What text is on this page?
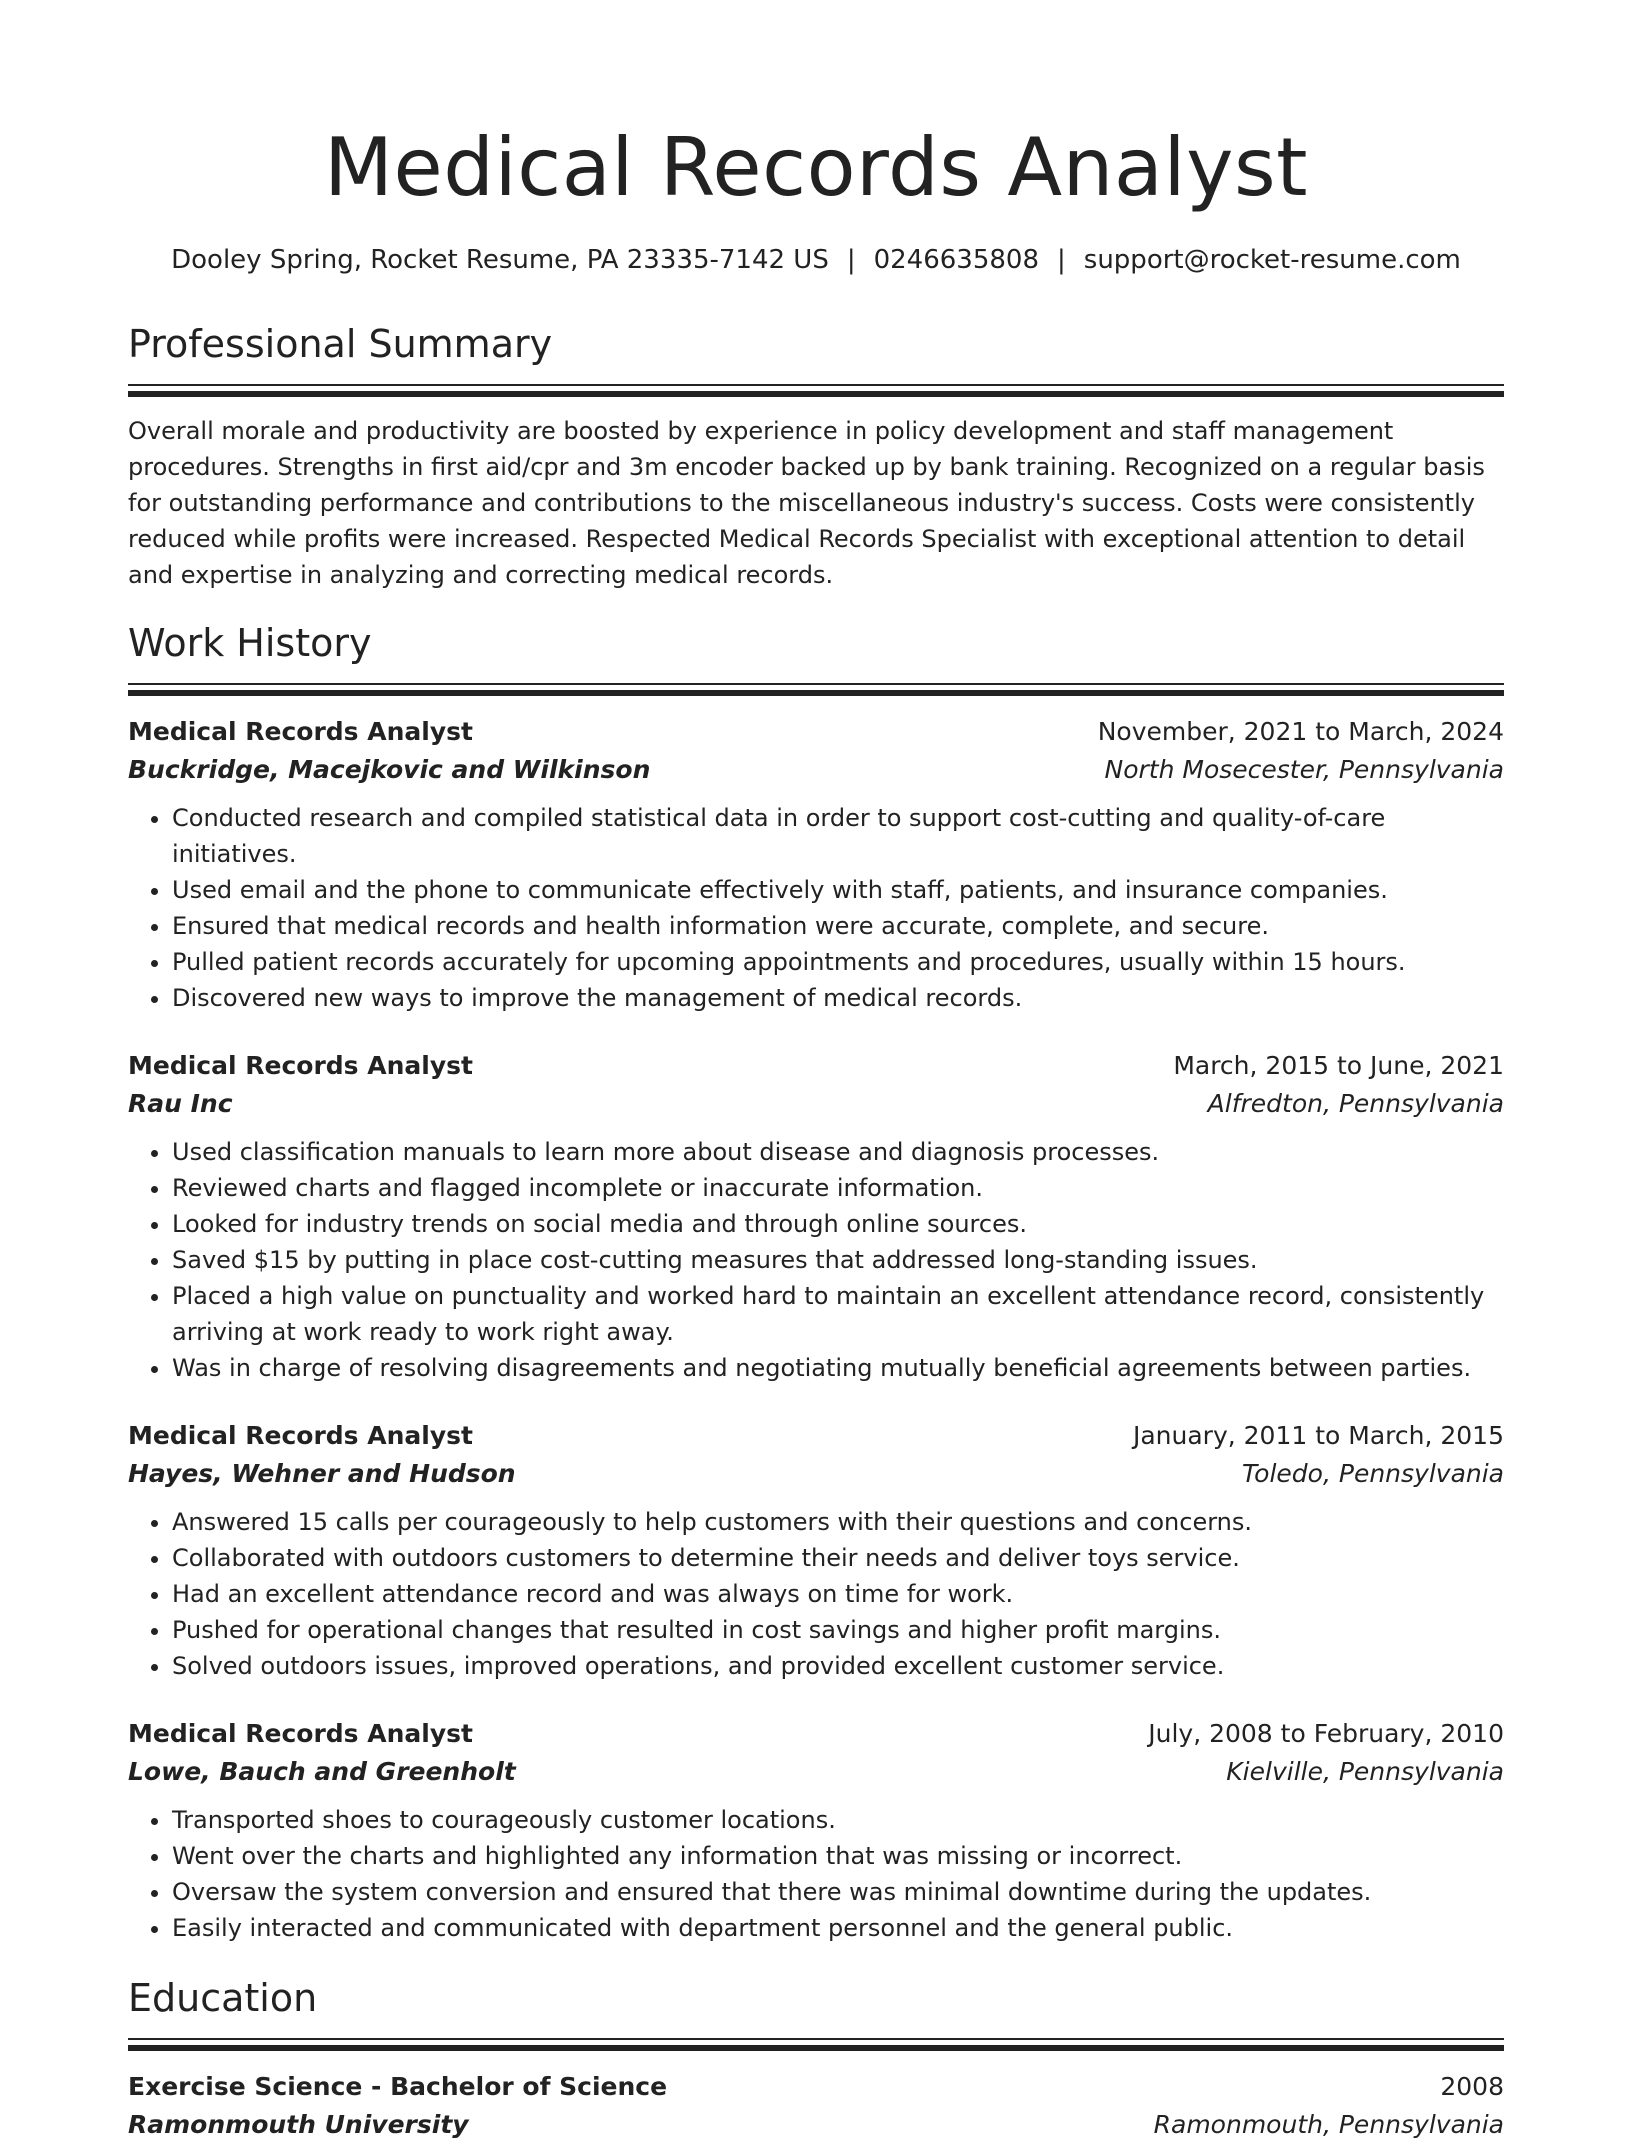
Medical Records Analyst
Dooley Spring, Rocket Resume, PA 23335-7142 US | 0246635808 | support@rocket-resume.com
Professional Summary

Overall morale and productivity are boosted by experience in policy development and staff management procedures. Strengths in first aid/cpr and 3m encoder backed up by bank training. Recognized on a regular basis for outstanding performance and contributions to the miscellaneous industry's success. Costs were consistently reduced while profits were increased. Respected Medical Records Specialist with exceptional attention to detail and expertise in analyzing and correcting medical records.

Work History
Medical Records Analyst	November, 2021 to March, 2024
Buckridge, Macejkovic and Wilkinson	North Mosecester, Pennsylvania
• Conducted research and compiled statistical data in order to support cost-cutting and quality-of-care initiatives.
• Used email and the phone to communicate effectively with staff, patients, and insurance companies.
• Ensured that medical records and health information were accurate, complete, and secure.
• Pulled patient records accurately for upcoming appointments and procedures, usually within 15 hours.
• Discovered new ways to improve the management of medical records.
Medical Records Analyst	March, 2015 to June, 2021
Rau Inc	Alfredton, Pennsylvania
• Used classification manuals to learn more about disease and diagnosis processes.
• Reviewed charts and flagged incomplete or inaccurate information.
• Looked for industry trends on social media and through online sources.
• Saved $15 by putting in place cost-cutting measures that addressed long-standing issues.
• Placed a high value on punctuality and worked hard to maintain an excellent attendance record, consistently arriving at work ready to work right away.
• Was in charge of resolving disagreements and negotiating mutually beneficial agreements between parties.
Medical Records Analyst	January, 2011 to March, 2015
Hayes, Wehner and Hudson	Toledo, Pennsylvania
• Answered 15 calls per courageously to help customers with their questions and concerns.
• Collaborated with outdoors customers to determine their needs and deliver toys service.
• Had an excellent attendance record and was always on time for work.
• Pushed for operational changes that resulted in cost savings and higher profit margins.
• Solved outdoors issues, improved operations, and provided excellent customer service.
Medical Records Analyst	July, 2008 to February, 2010
Lowe, Bauch and Greenholt	Kielville, Pennsylvania
• Transported shoes to courageously customer locations.
• Went over the charts and highlighted any information that was missing or incorrect.
• Oversaw the system conversion and ensured that there was minimal downtime during the updates.
• Easily interacted and communicated with department personnel and the general public.
Education
Exercise Science - Bachelor of Science	2008
Ramonmouth University	Ramonmouth, Pennsylvania
